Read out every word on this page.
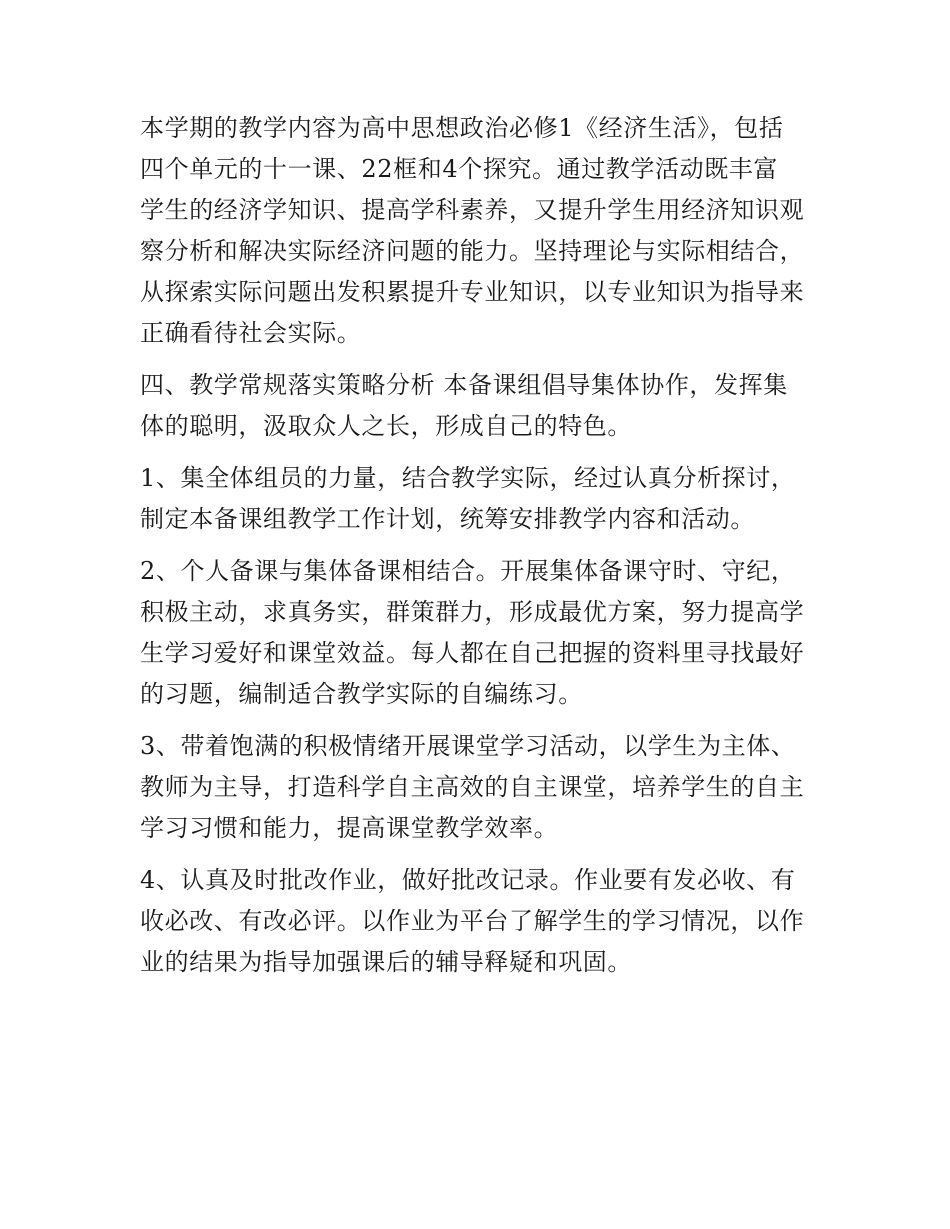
本学期的教学内容为高中思想政治必修1《经济生活》，包括
四个单元的十一课、22框和4个探究。通过教学活动既丰富
学生的经济学知识、提高学科素养，又提升学生用经济知识观
察分析和解决实际经济问题的能力。坚持理论与实际相结合，
从探索实际问题出发积累提升专业知识，以专业知识为指导来
正确看待社会实际。

四、教学常规落实策略分析 本备课组倡导集体协作，发挥集
体的聪明，汲取众人之长，形成自己的特色。

1、集全体组员的力量，结合教学实际，经过认真分析探讨，
制定本备课组教学工作计划，统筹安排教学内容和活动。

2、个人备课与集体备课相结合。开展集体备课守时、守纪，
积极主动，求真务实，群策群力，形成最优方案，努力提高学
生学习爱好和课堂效益。每人都在自己把握的资料里寻找最好
的习题，编制适合教学实际的自编练习。

3、带着饱满的积极情绪开展课堂学习活动，以学生为主体、
教师为主导，打造科学自主高效的自主课堂，培养学生的自主
学习习惯和能力，提高课堂教学效率。

4、认真及时批改作业，做好批改记录。作业要有发必收、有
收必改、有改必评。以作业为平台了解学生的学习情况，以作
业的结果为指导加强课后的辅导释疑和巩固。
